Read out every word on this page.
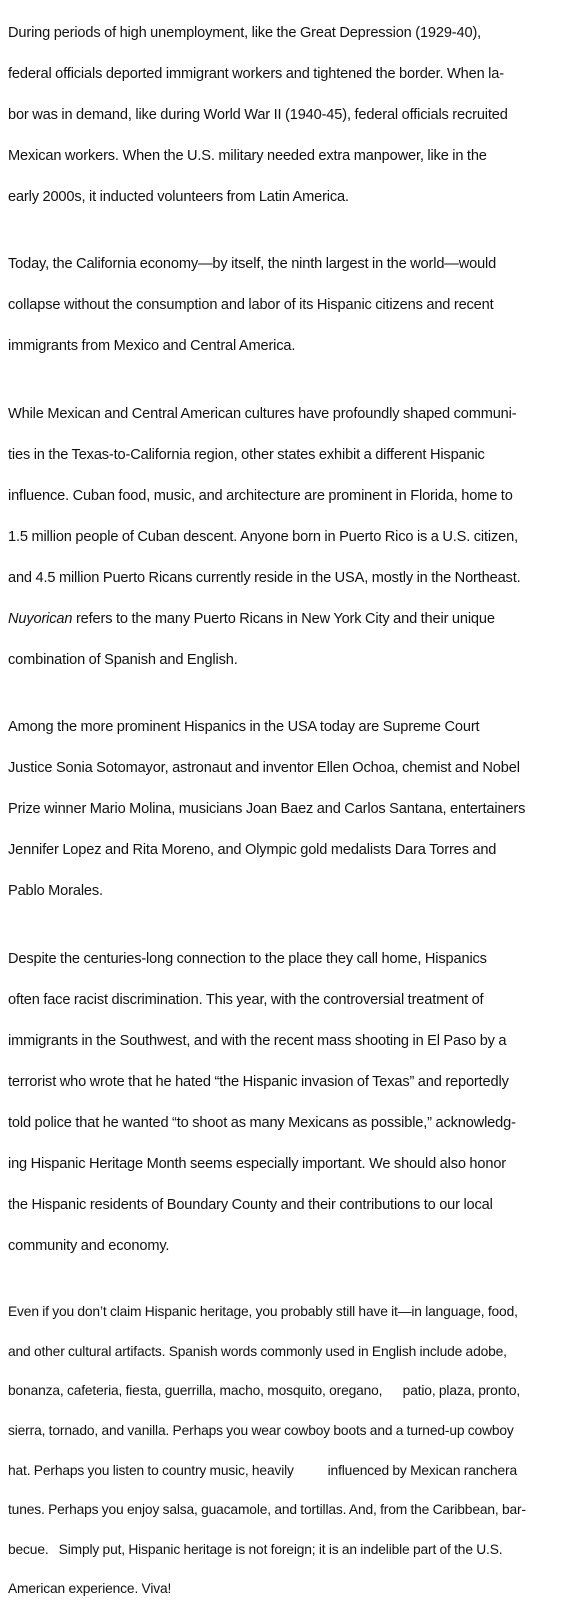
During periods of high unemployment, like the Great Depression (1929-40),

federal officials deported immigrant workers and tightened the border. When la-

bor was in demand, like during World War II (1940-45), federal officials recruited

Mexican workers. When the U.S. military needed extra manpower, like in the

early 2000s, it inducted volunteers from Latin America.

Today, the California economy—by itself, the ninth largest in the world—would

collapse without the consumption and labor of its Hispanic citizens and recent

immigrants from Mexico and Central America.

While Mexican and Central American cultures have profoundly shaped communi-

ties in the Texas-to-California region, other states exhibit a different Hispanic

influence. Cuban food, music, and architecture are prominent in Florida, home to

1.5 million people of Cuban descent. Anyone born in Puerto Rico is a U.S. citizen,

and 4.5 million Puerto Ricans currently reside in the USA, mostly in the Northeast.

Nuyorican refers to the many Puerto Ricans in New York City and their unique

combination of Spanish and English.

Among the more prominent Hispanics in the USA today are Supreme Court

Justice Sonia Sotomayor, astronaut and inventor Ellen Ochoa, chemist and Nobel

Prize winner Mario Molina, musicians Joan Baez and Carlos Santana, entertainers

Jennifer Lopez and Rita Moreno, and Olympic gold medalists Dara Torres and

Pablo Morales.

Despite the centuries-long connection to the place they call home, Hispanics

often face racist discrimination. This year, with the controversial treatment of

immigrants in the Southwest, and with the recent mass shooting in El Paso by a

terrorist who wrote that he hated “the Hispanic invasion of Texas” and reportedly

told police that he wanted “to shoot as many Mexicans as possible,” acknowledg-

ing Hispanic Heritage Month seems especially important. We should also honor

the Hispanic residents of Boundary County and their contributions to our local

community and economy.

Even if you don’t claim Hispanic heritage, you probably still have it—in language, food,

and other cultural artifacts. Spanish words commonly used in English include adobe,

bonanza, cafeteria, fiesta, guerrilla, macho, mosquito, oregano,      patio, plaza, pronto,

sierra, tornado, and vanilla. Perhaps you wear cowboy boots and a turned-up cowboy

hat. Perhaps you listen to country music, heavily          influenced by Mexican ranchera

tunes. Perhaps you enjoy salsa, guacamole, and tortillas. And, from the Caribbean, bar-

becue.   Simply put, Hispanic heritage is not foreign; it is an indelible part of the U.S.

American experience. Viva!
